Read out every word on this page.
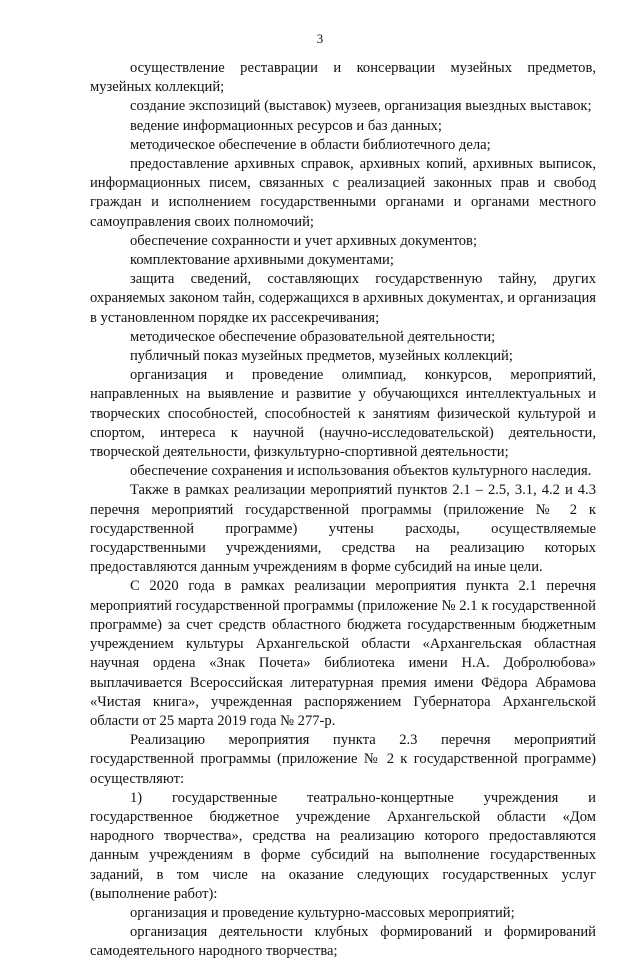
3

осуществление реставрации и консервации музейных предметов, музейных коллекций;

создание экспозиций (выставок) музеев, организация выездных выставок;

ведение информационных ресурсов и баз данных;

методическое обеспечение в области библиотечного дела;

предоставление архивных справок, архивных копий, архивных выписок, информационных писем, связанных с реализацией законных прав и свобод граждан и исполнением государственными органами и органами местного самоуправления своих полномочий;

обеспечение сохранности и учет архивных документов;

комплектование архивными документами;

защита сведений, составляющих государственную тайну, других охраняемых законом тайн, содержащихся в архивных документах, и организация в установленном порядке их рассекречивания;

методическое обеспечение образовательной деятельности;

публичный показ музейных предметов, музейных коллекций;

организация и проведение олимпиад, конкурсов, мероприятий, направленных на выявление и развитие у обучающихся интеллектуальных и творческих способностей, способностей к занятиям физической культурой и спортом, интереса к научной (научно-исследовательской) деятельности, творческой деятельности, физкультурно-спортивной деятельности;

обеспечение сохранения и использования объектов культурного наследия.

Также в рамках реализации мероприятий пунктов 2.1 – 2.5, 3.1, 4.2 и 4.3 перечня мероприятий государственной программы (приложение № 2 к государственной программе) учтены расходы, осуществляемые государственными учреждениями, средства на реализацию которых предоставляются данным учреждениям в форме субсидий на иные цели.

С 2020 года в рамках реализации мероприятия пункта 2.1 перечня мероприятий государственной программы (приложение № 2.1 к государственной программе) за счет средств областного бюджета государственным бюджетным учреждением культуры Архангельской области «Архангельская областная научная ордена «Знак Почета» библиотека имени Н.А. Добролюбова» выплачивается Всероссийская литературная премия имени Фёдора Абрамова «Чистая книга», учрежденная распоряжением Губернатора Архангельской области от 25 марта 2019 года № 277-р.

Реализацию мероприятия пункта 2.3 перечня мероприятий государственной программы (приложение № 2 к государственной программе) осуществляют:

1) государственные театрально-концертные учреждения и государственное бюджетное учреждение Архангельской области «Дом народного творчества», средства на реализацию которого предоставляются данным учреждениям в форме субсидий на выполнение государственных заданий, в том числе на оказание следующих государственных услуг (выполнение работ):

организация и проведение культурно-массовых мероприятий;

организация деятельности клубных формирований и формирований самодеятельного народного творчества;
